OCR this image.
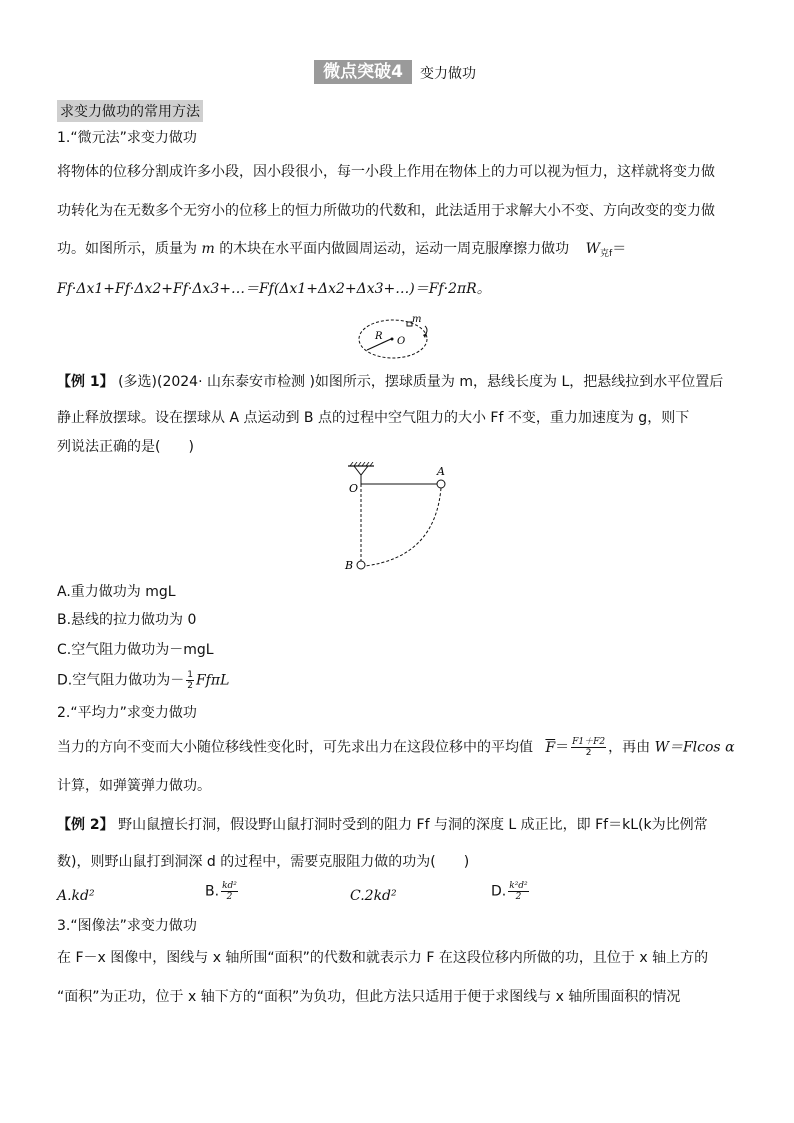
微点突破4	变力做功
求变力做功的常用方法
1.“微元法”求变力做功
将物体的位移分割成许多小段，因小段很小，每一小段上作用在物体上的力可以视为恒力，这样就将变力做
功转化为在无数多个无穷小的位移上的恒力所做功的代数和，此法适用于求解大小不变、方向改变的变力做
功。如图所示，质量为 m 的木块在水平面内做圆周运动，运动一周克服摩擦力做功 $W_{克f}=$
Ff·Δx1+Ff·Δx2+Ff·Δx3+…＝Ff(Δx1+Δx2+Δx3+…)＝Ff·2πR。
R O
m
【例 1】 (多选)(2024· 山东泰安市检测 )如图所示，摆球质量为 m，悬线长度为 L，把悬线拉到水平位置后
静止释放摆球。设在摆球从 A 点运动到 B 点的过程中空气阻力的大小 Ff 不变，重力加速度为 g，则下
列说法正确的是(　　)
O
A
B
A.重力做功为 mgL
B.悬线的拉力做功为 0
C.空气阻力做功为－mgL
D.空气阻力做功为－ $\frac{1}{2}$ FfπL
2.“平均力”求变力做功
当力的方向不变而大小随位移线性变化时，可先求出力在这段位移中的平均值 $\overline{F}= \frac{F1+F2}{2}$ ，再由 W＝Flcos α
计算，如弹簧弹力做功。
【例 2】 野山鼠擅长打洞，假设野山鼠打洞时受到的阻力 Ff 与洞的深度 L 成正比，即 Ff＝kL(k为比例常
数)，则野山鼠打到洞深 d 的过程中，需要克服阻力做的功为(　　)
A.kd²	B. $\frac{\text{kd²}}{2}$	C.2kd²	D. $\frac{\text{k²d²}}{2}$
3.“图像法”求变力做功
在 F－x 图像中，图线与 x 轴所围“面积”的代数和就表示力 F 在这段位移内所做的功，且位于 x 轴上方的
“面积”为正功，位于 x 轴下方的“面积”为负功，但此方法只适用于便于求图线与 x 轴所围面积的情况
